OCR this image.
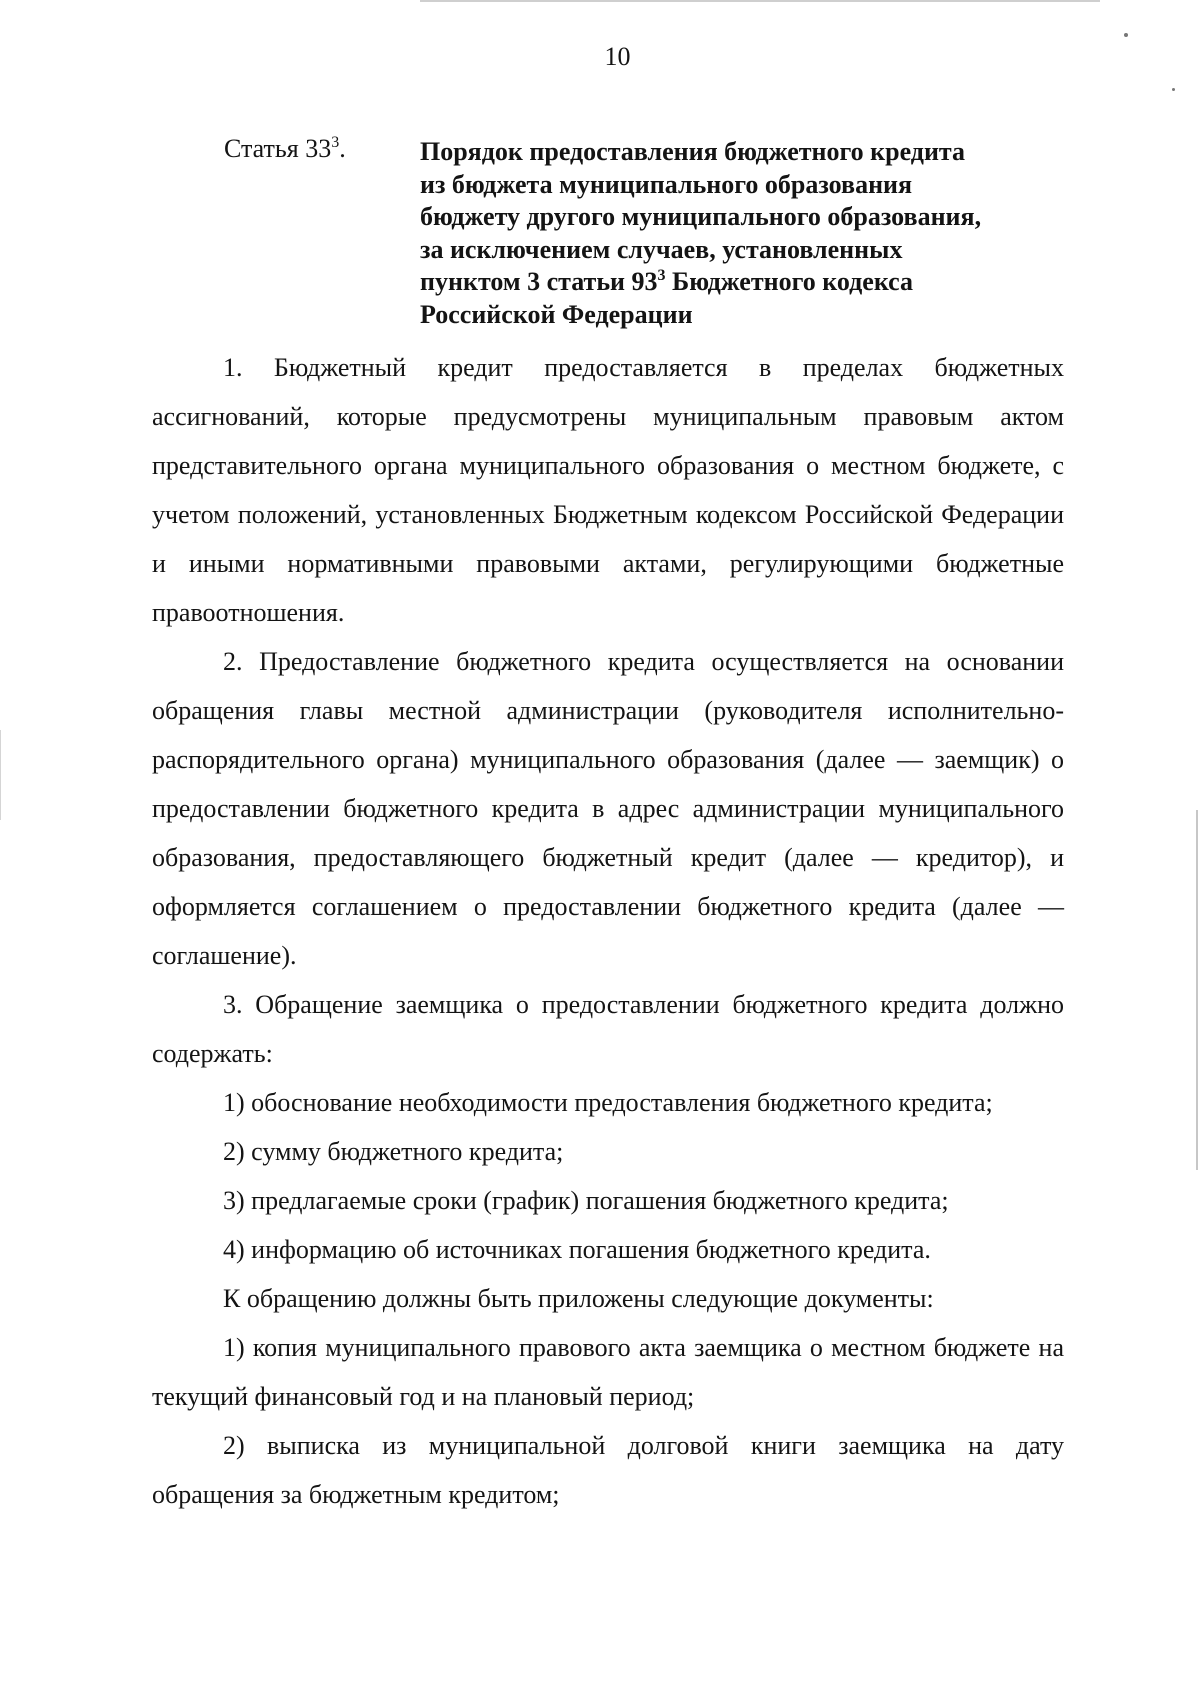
10
Статья $33^3$.	Порядок предоставления бюджетного кредита
из бюджета муниципального образования
бюджету другого муниципального образования,
за исключением случаев, установленных
пунктом 3 статьи $93^3$ Бюджетного кодекса
Российской Федерации

1. Бюджетный кредит предоставляется в пределах бюджетных ассигнований, которые предусмотрены муниципальным правовым актом представительного органа муниципального образования о местном бюджете, с учетом положений, установленных Бюджетным кодексом Российской Федерации и иными нормативными правовыми актами, регулирующими бюджетные правоотношения.

2. Предоставление бюджетного кредита осуществляется на основании обращения главы местной администрации (руководителя исполнительно-распорядительного органа) муниципального образования (далее — заемщик) о предоставлении бюджетного кредита в адрес администрации муниципального образования, предоставляющего бюджетный кредит (далее — кредитор), и оформляется соглашением о предоставлении бюджетного кредита (далее — соглашение).

3. Обращение заемщика о предоставлении бюджетного кредита должно содержать:

1) обоснование необходимости предоставления бюджетного кредита;

2) сумму бюджетного кредита;

3) предлагаемые сроки (график) погашения бюджетного кредита;

4) информацию об источниках погашения бюджетного кредита.

К обращению должны быть приложены следующие документы:

1) копия муниципального правового акта заемщика о местном бюджете на текущий финансовый год и на плановый период;

2) выписка из муниципальной долговой книги заемщика на дату обращения за бюджетным кредитом;
